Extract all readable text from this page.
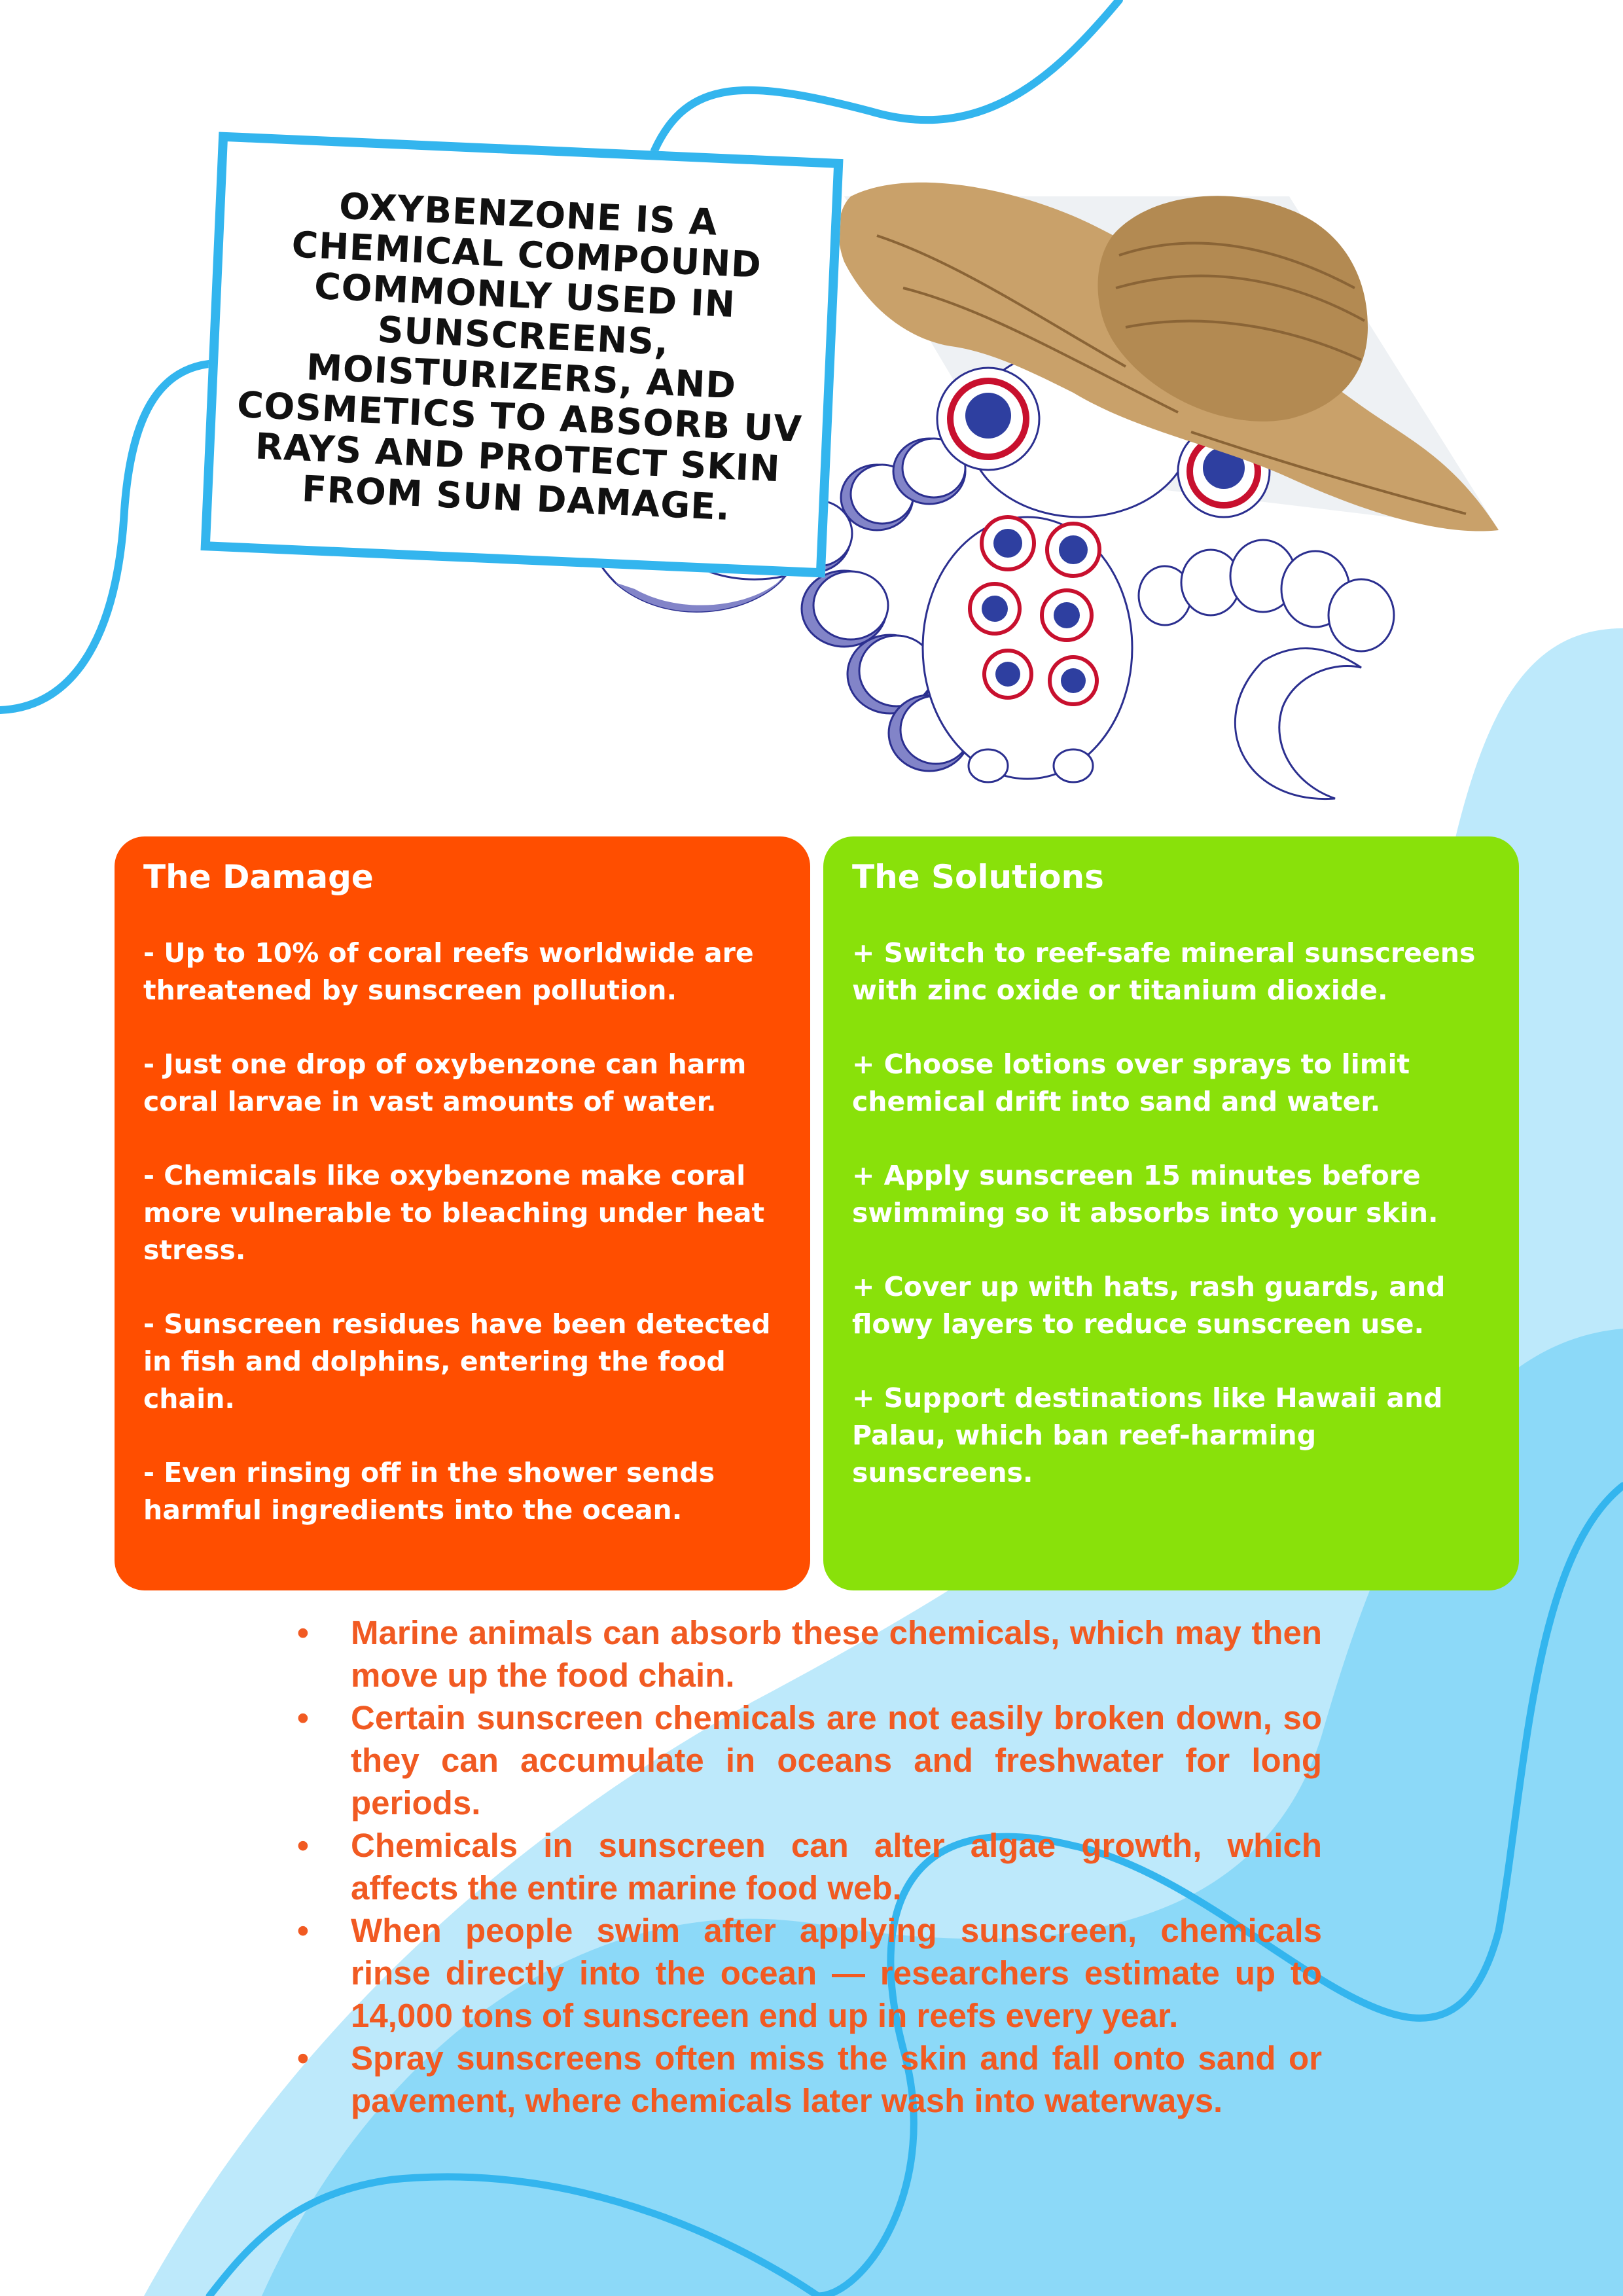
OXYBENZONE IS A CHEMICAL COMPOUND COMMONLY USED IN SUNSCREENS, MOISTURIZERS, AND COSMETICS TO ABSORB UV RAYS AND PROTECT SKIN FROM SUN DAMAGE.
The Damage

- Up to 10% of coral reefs worldwide are threatened by sunscreen pollution.

- Just one drop of oxybenzone can harm coral larvae in vast amounts of water.

- Chemicals like oxybenzone make coral more vulnerable to bleaching under heat stress.

- Sunscreen residues have been detected in fish and dolphins, entering the food chain.

- Even rinsing off in the shower sends harmful ingredients into the ocean.

The Solutions

+ Switch to reef-safe mineral sunscreens with zinc oxide or titanium dioxide.

+ Choose lotions over sprays to limit chemical drift into sand and water.

+ Apply sunscreen 15 minutes before swimming so it absorbs into your skin.

+ Cover up with hats, rash guards, and flowy layers to reduce sunscreen use.

+ Support destinations like Hawaii and Palau, which ban reef-harming sunscreens.

• Marine animals can absorb these chemicals, which may then move up the food chain.
• Certain sunscreen chemicals are not easily broken down, so they can accumulate in oceans and freshwater for long periods.
• Chemicals in sunscreen can alter algae growth, which affects the entire marine food web.
• When people swim after applying sunscreen, chemicals rinse directly into the ocean — researchers estimate up to 14,000 tons of sunscreen end up in reefs every year.
• Spray sunscreens often miss the skin and fall onto sand or pavement, where chemicals later wash into waterways.
